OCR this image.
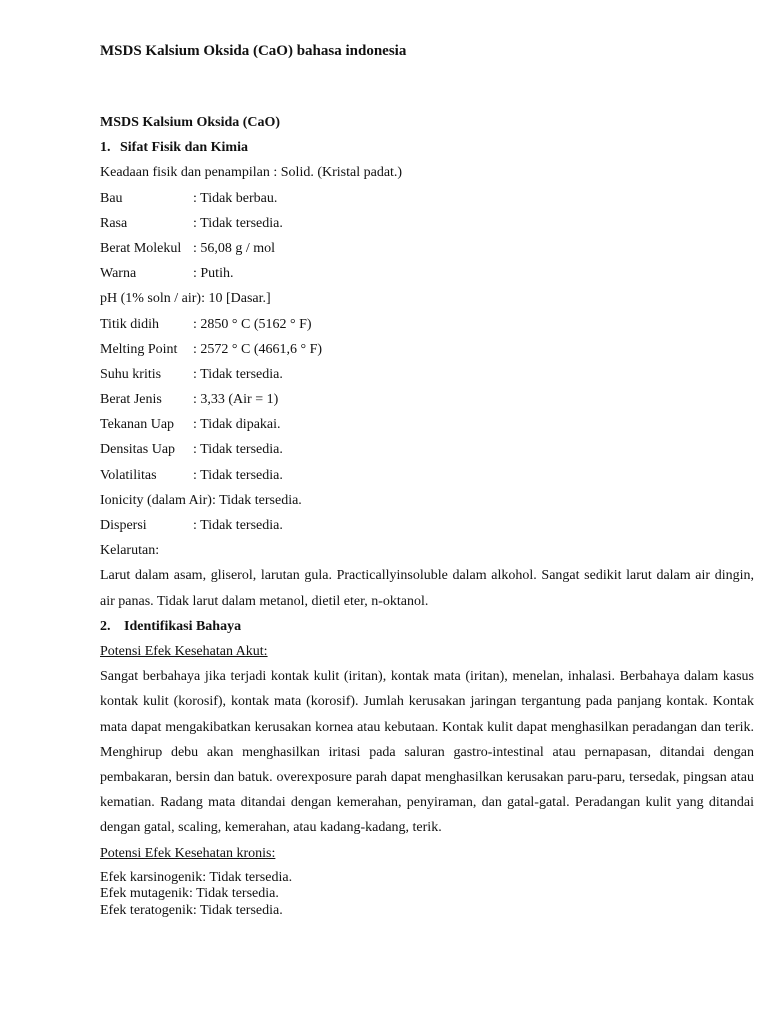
MSDS Kalsium Oksida (CaO) bahasa indonesia
MSDS Kalsium Oksida (CaO)
1. Sifat Fisik dan Kimia
Keadaan fisik dan penampilan : Solid. (Kristal padat.)
Bau	: Tidak berbau.
Rasa	: Tidak tersedia.
Berat Molekul : 56,08 g / mol
Warna	: Putih.
pH (1% soln / air): 10 [Dasar.]
Titik didih	: 2850 ° C (5162 ° F)
Melting Point	: 2572 ° C (4661,6 ° F)
Suhu kritis	: Tidak tersedia.
Berat Jenis	: 3,33 (Air = 1)
Tekanan Uap	: Tidak dipakai.
Densitas Uap	: Tidak tersedia.
Volatilitas	: Tidak tersedia.
Ionicity (dalam Air): Tidak tersedia.
Dispersi	: Tidak tersedia.
Kelarutan:

Larut dalam asam, gliserol, larutan gula. Practicallyinsoluble dalam alkohol. Sangat sedikit larut dalam air dingin, air panas. Tidak larut dalam metanol, dietil eter, n-oktanol.

2. Identifikasi Bahaya
Potensi Efek Kesehatan Akut:

Sangat berbahaya jika terjadi kontak kulit (iritan), kontak mata (iritan), menelan, inhalasi. Berbahaya dalam kasus kontak kulit (korosif), kontak mata (korosif). Jumlah kerusakan jaringan tergantung pada panjang kontak. Kontak mata dapat mengakibatkan kerusakan kornea atau kebutaan. Kontak kulit dapat menghasilkan peradangan dan terik. Menghirup debu akan menghasilkan iritasi pada saluran gastro-intestinal atau pernapasan, ditandai dengan pembakaran, bersin dan batuk. overexposure parah dapat menghasilkan kerusakan paru-paru, tersedak, pingsan atau kematian. Radang mata ditandai dengan kemerahan, penyiraman, dan gatal-gatal. Peradangan kulit yang ditandai dengan gatal, scaling, kemerahan, atau kadang-kadang, terik.

Potensi Efek Kesehatan kronis:
Efek karsinogenik: Tidak tersedia.
Efek mutagenik: Tidak tersedia.
Efek teratogenik: Tidak tersedia.
